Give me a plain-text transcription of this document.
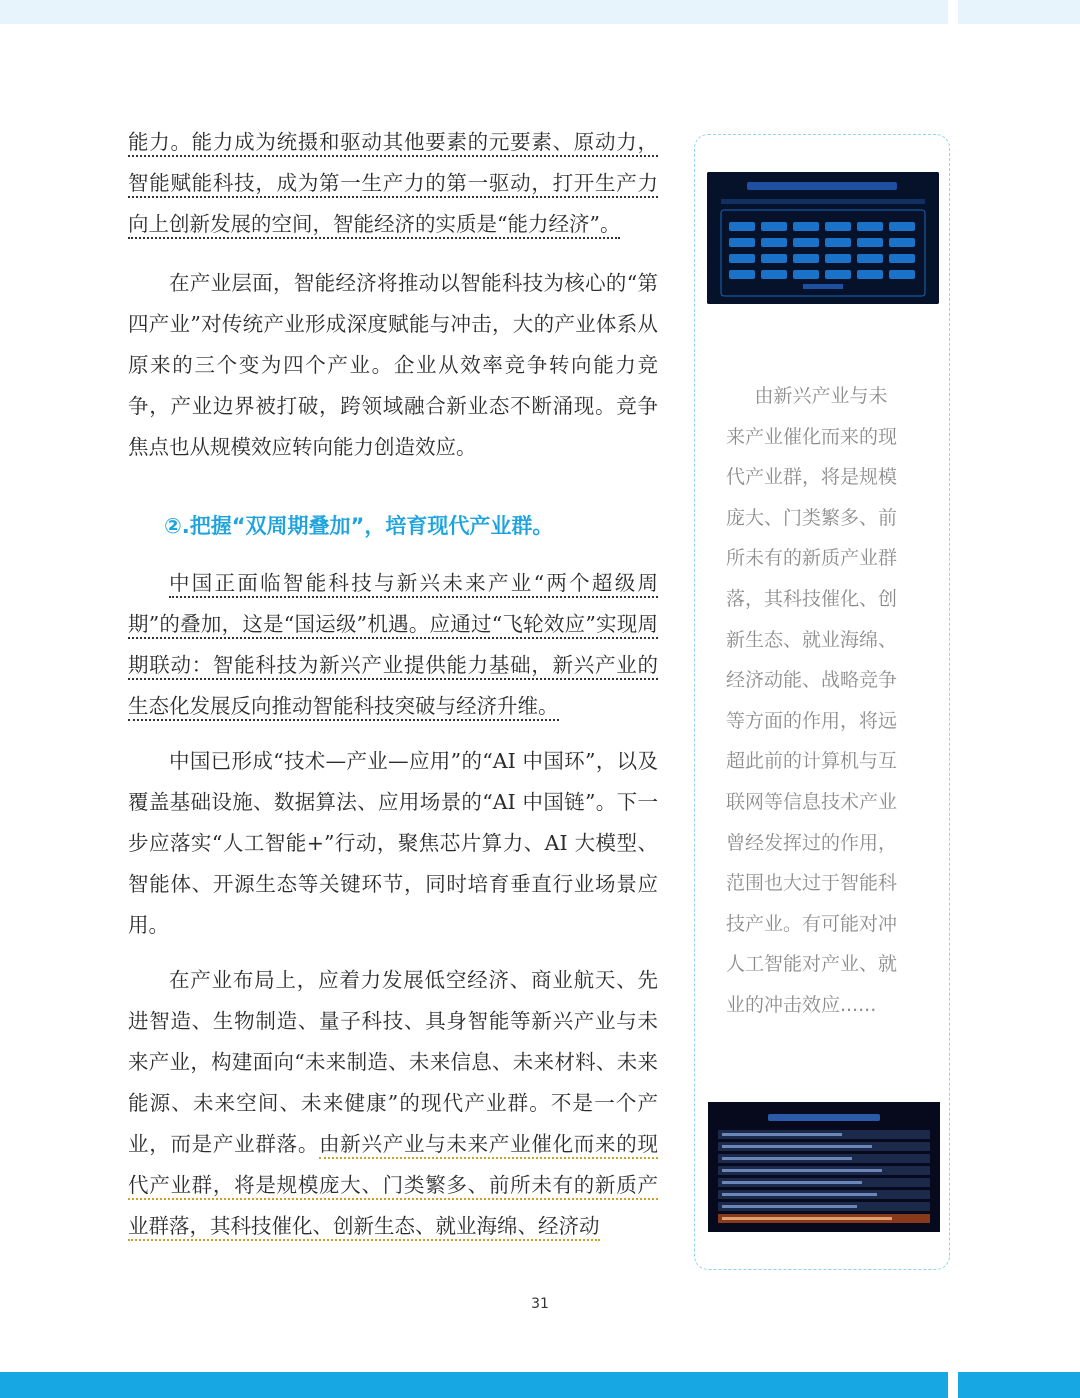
能力。能力成为统摄和驱动其他要素的元要素、原动力，智能赋能科技，成为第一生产力的第一驱动，打开生产力向上创新发展的空间，智能经济的实质是“能力经济”。

在产业层面，智能经济将推动以智能科技为核心的“第四产业”对传统产业形成深度赋能与冲击，大的产业体系从原来的三个变为四个产业。企业从效率竞争转向能力竞争，产业边界被打破，跨领域融合新业态不断涌现。竞争焦点也从规模效应转向能力创造效应。

②.把握“双周期叠加”，培育现代产业群。

中国正面临智能科技与新兴未来产业“两个超级周期”的叠加，这是“国运级”机遇。应通过“飞轮效应”实现周期联动：智能科技为新兴产业提供能力基础，新兴产业的生态化发展反向推动智能科技突破与经济升维。

中国已形成“技术—产业—应用”的“AI 中国环”，以及覆盖基础设施、数据算法、应用场景的“AI 中国链”。下一步应落实“人工智能+”行动，聚焦芯片算力、AI 大模型、智能体、开源生态等关键环节，同时培育垂直行业场景应用。

在产业布局上，应着力发展低空经济、商业航天、先进智造、生物制造、量子科技、具身智能等新兴产业与未来产业，构建面向“未来制造、未来信息、未来材料、未来能源、未来空间、未来健康”的现代产业群。不是一个产业，而是产业群落。由新兴产业与未来产业催化而来的现代产业群，将是规模庞大、门类繁多、前所未有的新质产业群落，其科技催化、创新生态、就业海绵、经济动

由新兴产业与未来产业催化而来的现代产业群，将是规模庞大、门类繁多、前所未有的新质产业群落，其科技催化、创新生态、就业海绵、经济动能、战略竞争等方面的作用，将远超此前的计算机与互联网等信息技术产业曾经发挥过的作用，范围也大过于智能科技产业。有可能对冲人工智能对产业、就业的冲击效应......

31
